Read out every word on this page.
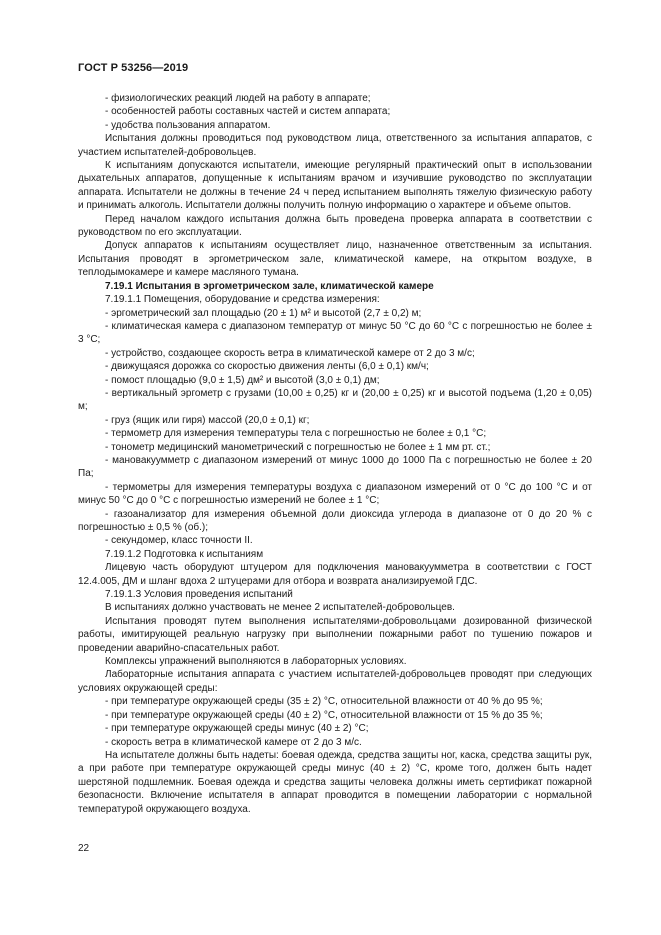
ГОСТ Р 53256—2019
- физиологических реакций людей на работу в аппарате;
- особенностей работы составных частей и систем аппарата;
- удобства пользования аппаратом.
Испытания должны проводиться под руководством лица, ответственного за испытания аппаратов, с участием испытателей-добровольцев.
К испытаниям допускаются испытатели, имеющие регулярный практический опыт в использовании дыхательных аппаратов, допущенные к испытаниям врачом и изучившие руководство по эксплуатации аппарата. Испытатели не должны в течение 24 ч перед испытанием выполнять тяжелую физическую работу и принимать алкоголь. Испытатели должны получить полную информацию о характере и объеме опытов.
Перед началом каждого испытания должна быть проведена проверка аппарата в соответствии с руководством по его эксплуатации.
Допуск аппаратов к испытаниям осуществляет лицо, назначенное ответственным за испытания. Испытания проводят в эргометрическом зале, климатической камере, на открытом воздухе, в теплодымокамере и камере масляного тумана.
7.19.1 Испытания в эргометрическом зале, климатической камере
7.19.1.1 Помещения, оборудование и средства измерения:
- эргометрический зал площадью (20 ± 1) м² и высотой (2,7 ± 0,2) м;
- климатическая камера с диапазоном температур от минус 50 °С до 60 °С с погрешностью не более ± 3 °С;
- устройство, создающее скорость ветра в климатической камере от 2 до 3 м/с;
- движущаяся дорожка со скоростью движения ленты (6,0 ± 0,1) км/ч;
- помост площадью (9,0 ± 1,5) дм² и высотой (3,0 ± 0,1) дм;
- вертикальный эргометр с грузами (10,00 ± 0,25) кг и (20,00 ± 0,25) кг и высотой подъема (1,20 ± 0,05) м;
- груз (ящик или гиря) массой (20,0 ± 0,1) кг;
- термометр для измерения температуры тела с погрешностью не более ± 0,1 °С;
- тонометр медицинский манометрический с погрешностью не более ± 1 мм рт. ст.;
- мановакуумметр с диапазоном измерений от минус 1000 до 1000 Па с погрешностью не более ± 20 Па;
- термометры для измерения температуры воздуха с диапазоном измерений от 0 °С до 100 °С и от минус 50 °С до 0 °С с погрешностью измерений не более ± 1 °С;
- газоанализатор для измерения объемной доли диоксида углерода в диапазоне от 0 до 20 % с погрешностью ± 0,5 % (об.);
- секундомер, класс точности II.
7.19.1.2 Подготовка к испытаниям
Лицевую часть оборудуют штуцером для подключения мановакуумметра в соответствии с ГОСТ 12.4.005, ДМ и шланг вдоха 2 штуцерами для отбора и возврата анализируемой ГДС.
7.19.1.3 Условия проведения испытаний
В испытаниях должно участвовать не менее 2 испытателей-добровольцев.
Испытания проводят путем выполнения испытателями-добровольцами дозированной физической работы, имитирующей реальную нагрузку при выполнении пожарными работ по тушению пожаров и проведении аварийно-спасательных работ.
Комплексы упражнений выполняются в лабораторных условиях.
Лабораторные испытания аппарата с участием испытателей-добровольцев проводят при следующих условиях окружающей среды:
- при температуре окружающей среды (35 ± 2) °С, относительной влажности от 40 % до 95 %;
- при температуре окружающей среды (40 ± 2) °С, относительной влажности от 15 % до 35 %;
- при температуре окружающей среды минус (40 ± 2) °С;
- скорость ветра в климатической камере от 2 до 3 м/с.
На испытателе должны быть надеты: боевая одежда, средства защиты ног, каска, средства защиты рук, а при работе при температуре окружающей среды минус (40 ± 2) °С, кроме того, должен быть надет шерстяной подшлемник. Боевая одежда и средства защиты человека должны иметь сертификат пожарной безопасности. Включение испытателя в аппарат проводится в помещении лаборатории с нормальной температурой окружающего воздуха.
22
